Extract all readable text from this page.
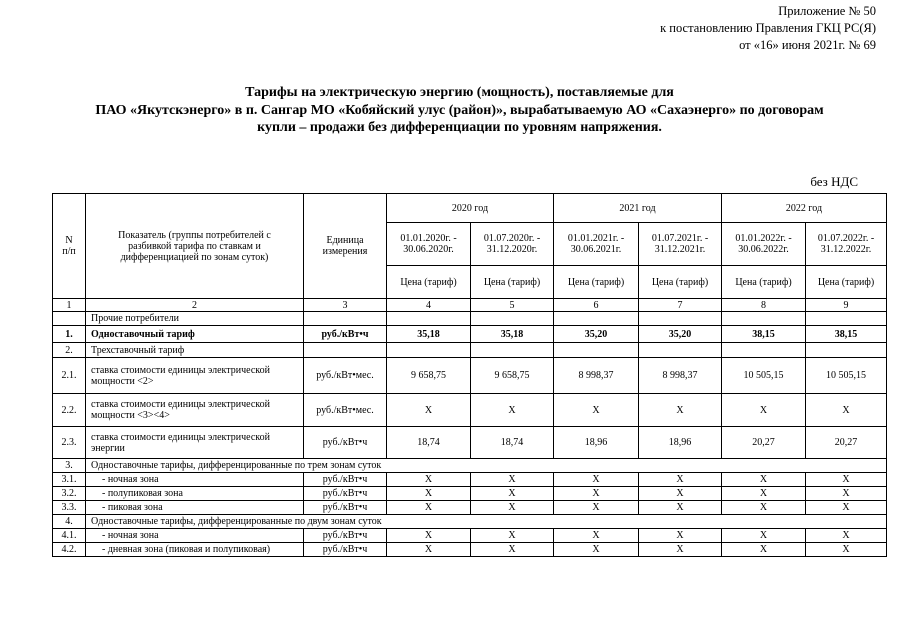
Приложение № 50
к постановлению Правления ГКЦ РС(Я)
от «16» июня 2021г. № 69
Тарифы на электрическую энергию (мощность), поставляемые для
ПАО «Якутскэнерго» в п. Сангар МО «Кобяйский улус (район)», вырабатываемую АО «Сахаэнерго» по договорам
купли – продажи без дифференциации по уровням напряжения.
без НДС
N
п/п	Показатель (группы потребителей с разбивкой тарифа по ставкам и дифференциацией по зонам суток)	Единица измерения	2020 год		2021 год		2022 год	
			01.01.2020г. - 30.06.2020г.	01.07.2020г. - 31.12.2020г.	01.01.2021г. - 30.06.2021г.	01.07.2021г. - 31.12.2021г.	01.01.2022г. - 30.06.2022г.	01.07.2022г. - 31.12.2022г.
			Цена (тариф)	Цена (тариф)	Цена (тариф)	Цена (тариф)	Цена (тариф)	Цена (тариф)
1	2	3	4	5	6	7	8	9
	Прочие потребители							
1.	Одноставочный тариф	руб./кВт•ч	35,18	35,18	35,20	35,20	38,15	38,15
2.	Трехставочный тариф							
2.1.	ставка стоимости единицы электрической мощности <2>	руб./кВт•мес.	9 658,75	9 658,75	8 998,37	8 998,37	10 505,15	10 505,15
2.2.	ставка стоимости единицы электрической мощности <3><4>	руб./кВт•мес.	X	X	X	X	X	X
2.3.	ставка стоимости единицы электрической энергии	руб./кВт•ч	18,74	18,74	18,96	18,96	20,27	20,27
3.	Одноставочные тарифы, дифференцированные по трем зонам суток							
3.1.	- ночная зона	руб./кВт•ч	X	X	X	X	X	X
3.2.	- полупиковая зона	руб./кВт•ч	X	X	X	X	X	X
3.3.	- пиковая зона	руб./кВт•ч	X	X	X	X	X	X
4.	Одноставочные тарифы, дифференцированные по двум зонам суток							
4.1.	- ночная зона	руб./кВт•ч	X	X	X	X	X	X
4.2.	- дневная зона (пиковая и полупиковая)	руб./кВт•ч	X	X	X	X	X	X
